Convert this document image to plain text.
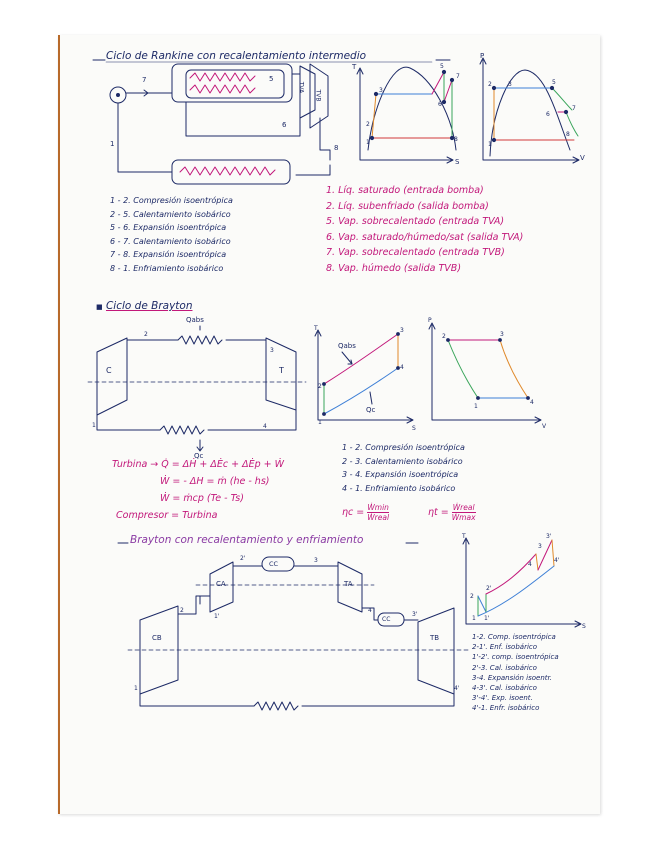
7	5
6
8
1
2
1
3
5
7
6
8
2	3	5
6
7
8
1
2
3
4
1
2
3
4
1
S
T
2	3
4
1
P
V
2
1'
2'	3
4
3'
4'
1
2
2'
1 1'
4
4'
3'
3
T
S
Ciclo de Rankine con recalentamiento intermedio
TVA
TVB
T
S
P
V
1 - 2. Compresión isoentrópica
2 - 5. Calentamiento isobárico
5 - 6. Expansión isoentrópica
6 - 7. Calentamiento isobárico
7 - 8. Expansión isoentrópica
8 - 1. Enfriamiento isobárico
1. Líq. saturado (entrada bomba)
2. Líq. subenfriado (salida bomba)
5. Vap. sobrecalentado (entrada TVA)
6. Vap. saturado/húmedo/sat (salida TVA)
7. Vap. sobrecalentado (entrada TVB)
8. Vap. húmedo (salida TVB)
■ Ciclo de Brayton
Qabs
Qc
Qabs
Qc
C	T
Turbina → Q̇ = ΔḢ + ΔĖc + ΔĖp + Ẇ
Ẇ = - ΔH = ṁ (he - hs)
Ẇ = ṁcp (Te - Ts)
Compresor = Turbina
1 - 2. Compresión isoentrópica
2 - 3. Calentamiento isobárico
3 - 4. Expansión isoentrópica
4 - 1. Enfriamiento isobárico
ηc = Ẇmin
Ẇreal	ηt = Ẇreal
Ẇmax
Brayton con recalentamiento y enfriamiento
CA	TA
CB	TB
CC
CC
1-2. Comp. isoentrópica
2-1'. Enf. isobárico
1'-2'. comp. isoentrópica
2'-3. Cal. isobárico
3-4. Expansión isoentr.
4-3'. Cal. isobárico
3'-4'. Exp. isoent.
4'-1. Enfr. isobárico
